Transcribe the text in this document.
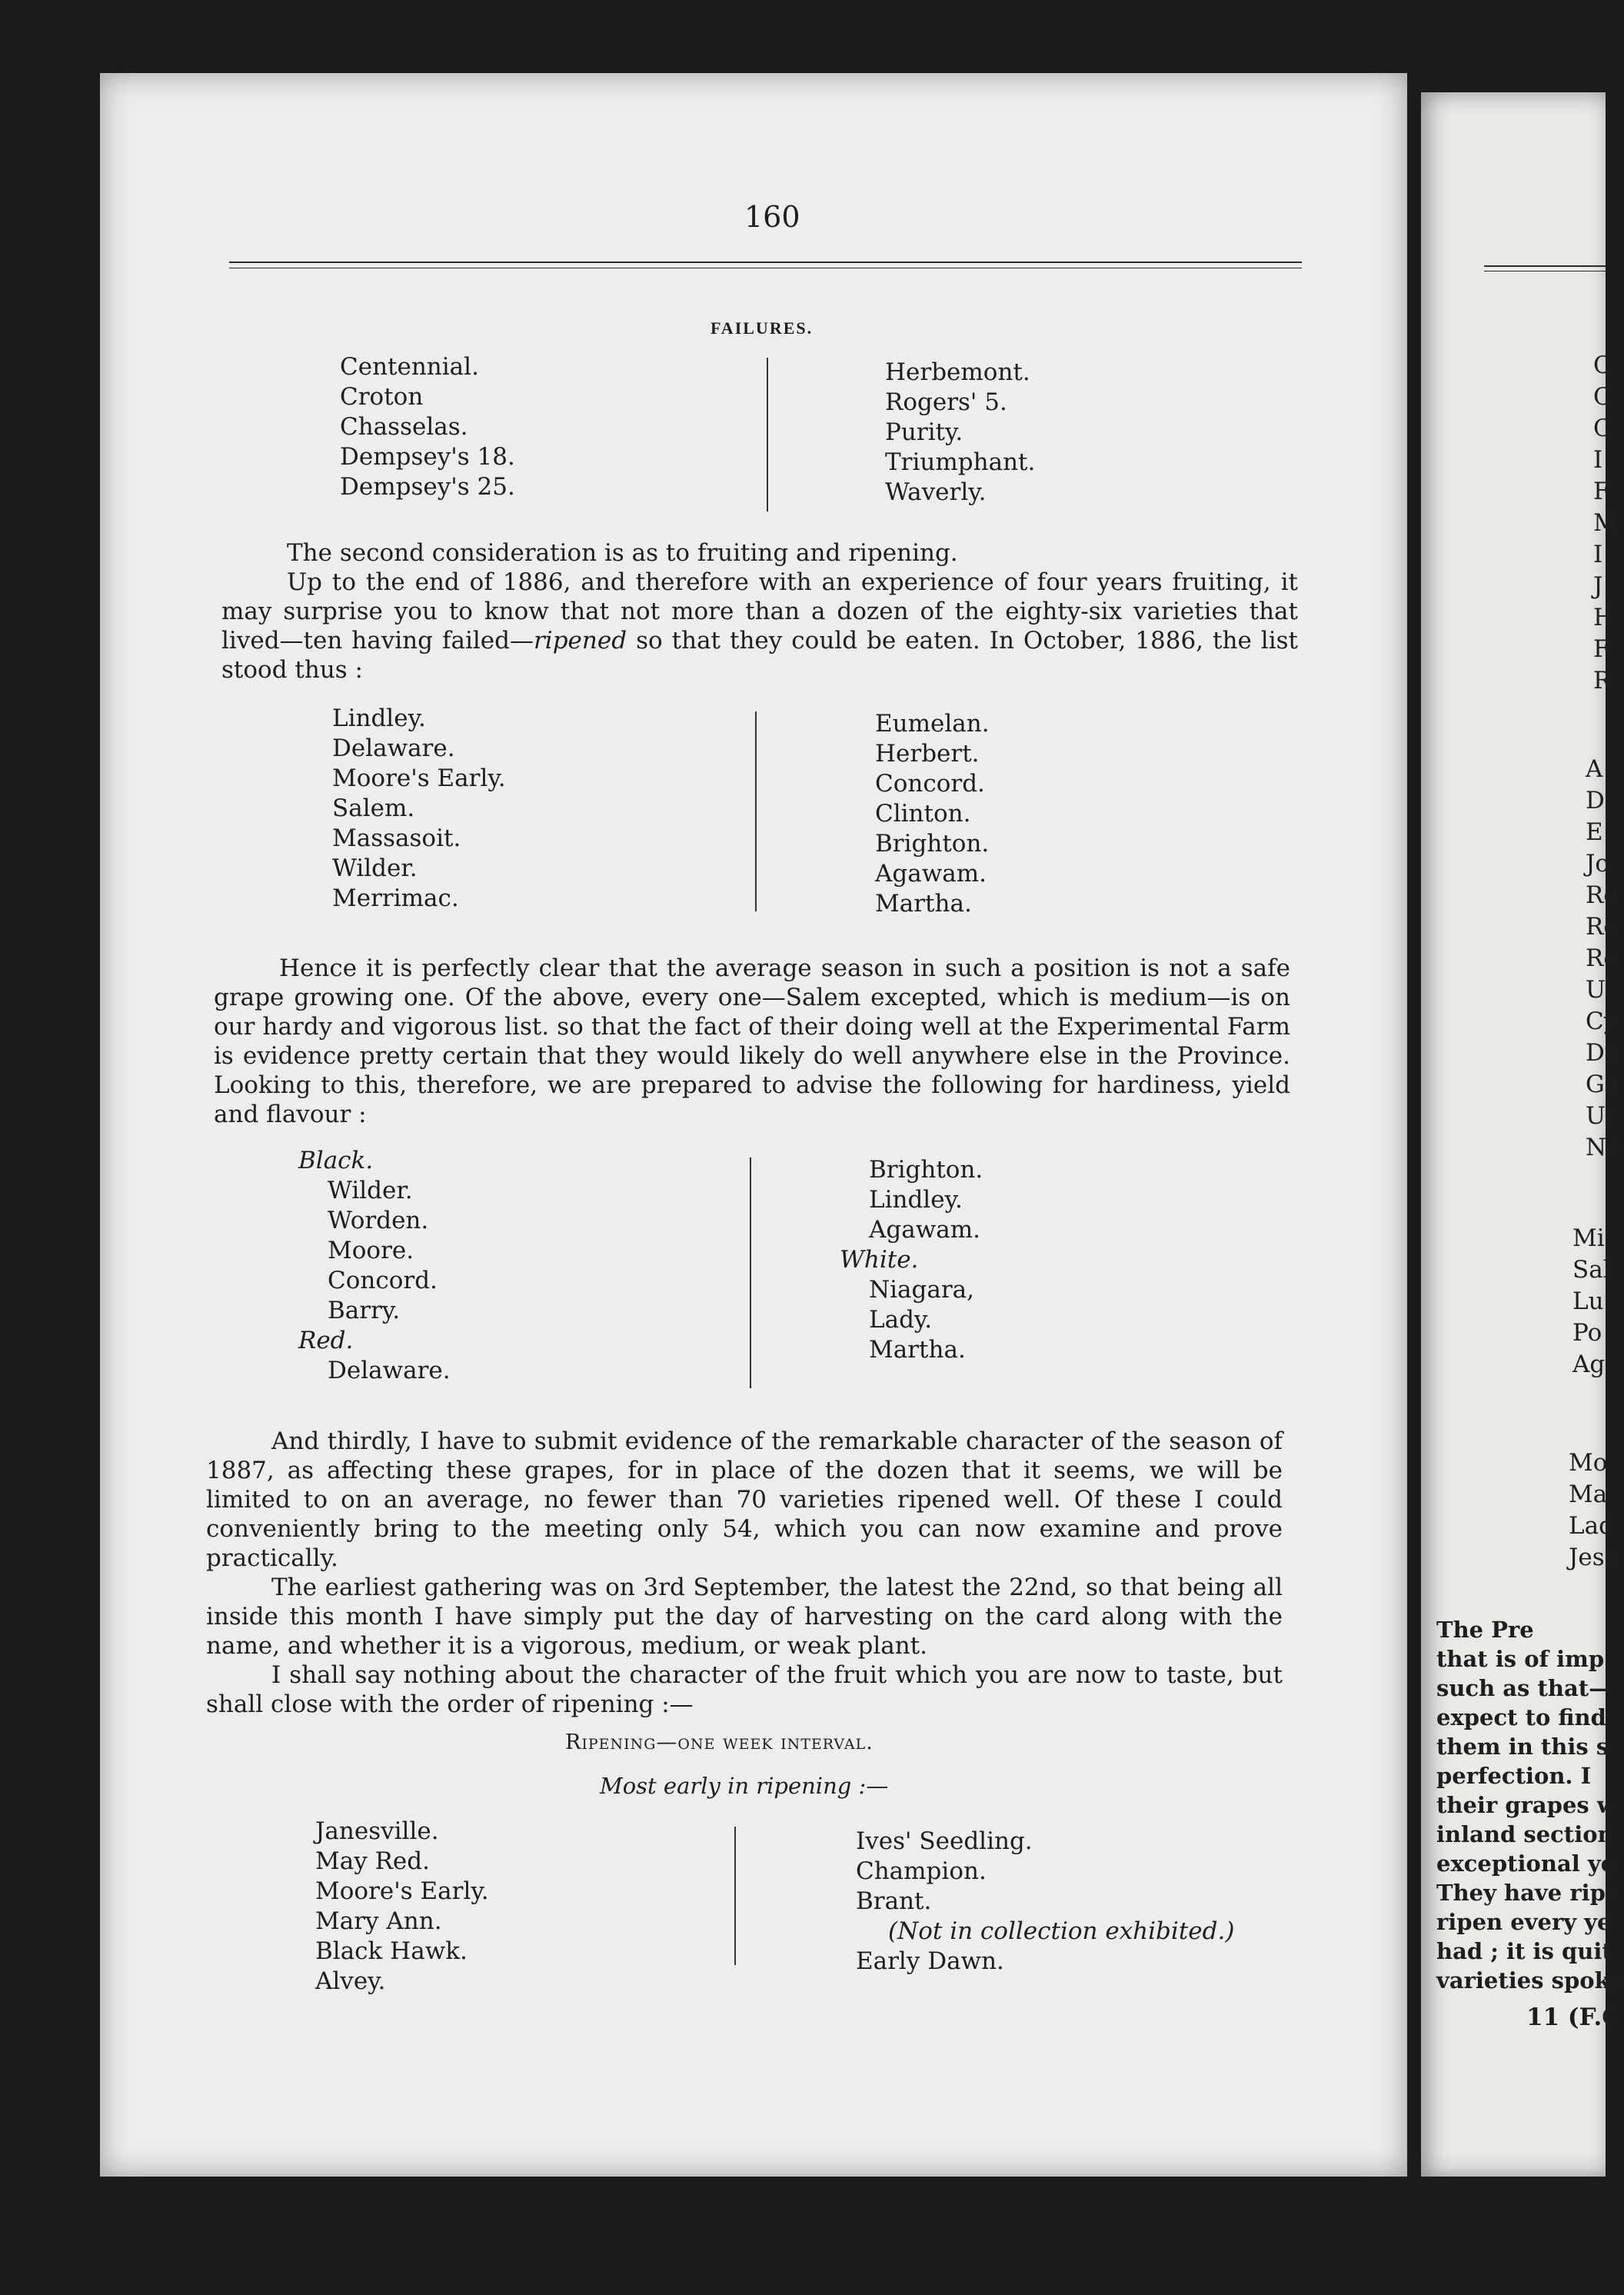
160
FAILURES.
Centennial.
Croton
Chasselas.
Dempsey's 18.
Dempsey's 25.
Herbemont.
Rogers' 5.
Purity.
Triumphant.
Waverly.

The second consideration is as to fruiting and ripening.

Up to the end of 1886, and therefore with an experience of four years fruiting, it may surprise you to know that not more than a dozen of the eighty-six varieties that lived—ten having failed—ripened so that they could be eaten. In October, 1886, the list stood thus :

Lindley.
Delaware.
Moore's Early.
Salem.
Massasoit.
Wilder.
Merrimac.
Eumelan.
Herbert.
Concord.
Clinton.
Brighton.
Agawam.
Martha.

Hence it is perfectly clear that the average season in such a position is not a safe grape growing one. Of the above, every one—Salem excepted, which is medium—is on our hardy and vigorous list. so that the fact of their doing well at the Experimental Farm is evidence pretty certain that they would likely do well anywhere else in the Province. Looking to this, therefore, we are prepared to advise the following for hardiness, yield and flavour :

Black.
Wilder.
Worden.
Moore.
Concord.
Barry.
Red.
Delaware.
Brighton.
Lindley.
Agawam.
White.
Niagara,
Lady.
Martha.

And thirdly, I have to submit evidence of the remarkable character of the season of 1887, as affecting these grapes, for in place of the dozen that it seems, we will be limited to on an average, no fewer than 70 varieties ripened well. Of these I could conveniently bring to the meeting only 54, which you can now examine and prove practically.

The earliest gathering was on 3rd September, the latest the 22nd, so that being all inside this month I have simply put the day of harvesting on the card along with the name, and whether it is a vigorous, medium, or weak plant.

I shall say nothing about the character of the fruit which you are now to taste, but shall close with the order of ripening :—

Ripening—one week interval.
Most early in ripening :—
Janesville.
May Red.
Moore's Early.
Mary Ann.
Black Hawk.
Alvey.
Ives' Seedling.
Champion.
Brant.
(Not in collection exhibited.)
Early Dawn.
C
C
C
I
F
M
I
J
H
F
R
A
D
E
Jo
Ro
Ro
Ro
U
Cy
Du
Ga
Ur
No
Mi
Sal
Lu
Po
Ag
Mo
Ma
Lad
Jess
The Pre
that is of imp
such as that—
expect to find
them in this s
perfection. I
their grapes w
inland section
exceptional ye
They have ripe
ripen every ye
had ; it is quit
varieties spoke
11 (F.C
